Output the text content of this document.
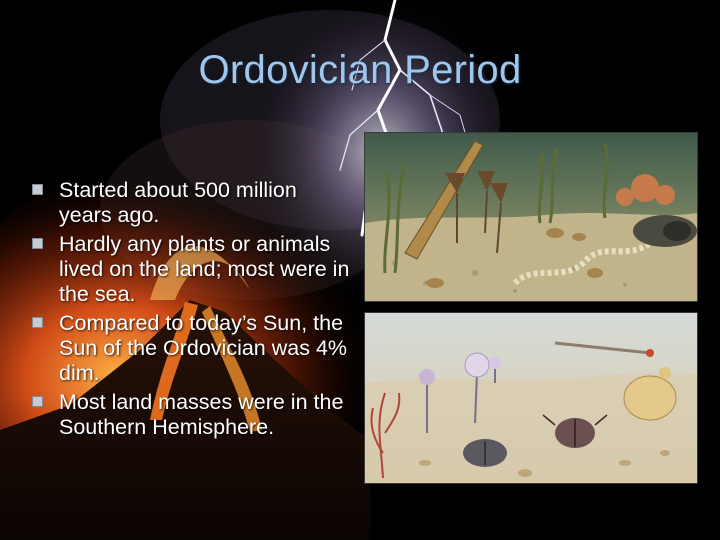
Ordovician Period
Started about 500 million years ago.
Hardly any plants or animals lived on the land; most were in the sea.
Compared to today’s Sun, the Sun of the Ordovician was 4% dim.
Most land masses were in the Southern Hemisphere.
